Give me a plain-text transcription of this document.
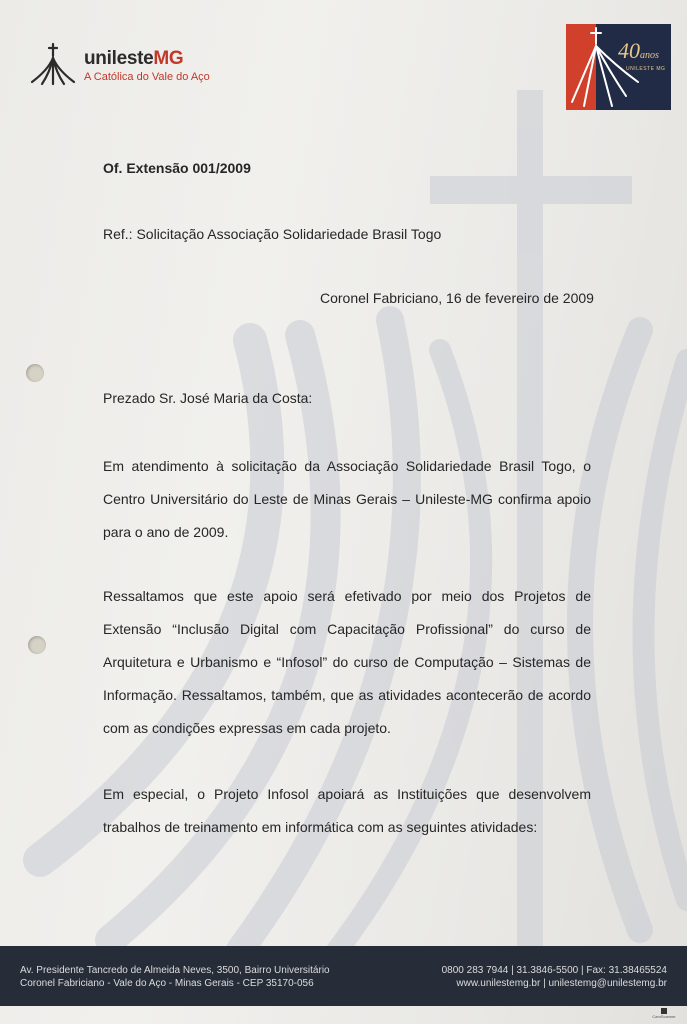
unilesteMG
A Católica do Vale do Aço
40anos
UNILESTE MG
Of. Extensão 001/2009
Ref.: Solicitação Associação Solidariedade Brasil Togo
Coronel Fabriciano, 16 de fevereiro de 2009
Prezado Sr. José Maria da Costa:
Em atendimento à solicitação da Associação Solidariedade Brasil Togo, o Centro Universitário do Leste de Minas Gerais – Unileste-MG confirma apoio para o ano de 2009.
Ressaltamos que este apoio será efetivado por meio dos Projetos de Extensão “Inclusão Digital com Capacitação Profissional” do curso de Arquitetura e Urbanismo e “Infosol” do curso de Computação – Sistemas de Informação. Ressaltamos, também, que as atividades acontecerão de acordo com as condições expressas em cada projeto.
Em especial, o Projeto Infosol apoiará as Instituições que desenvolvem trabalhos de treinamento em informática com as seguintes atividades:
Av. Presidente Tancredo de Almeida Neves, 3500, Bairro Universitário
Coronel Fabriciano - Vale do Aço - Minas Gerais - CEP 35170-056
0800 283 7944 | 31.3846-5500 | Fax: 31.38465524
www.unilestemg.br | unilestemg@unilestemg.br
CamScanner
